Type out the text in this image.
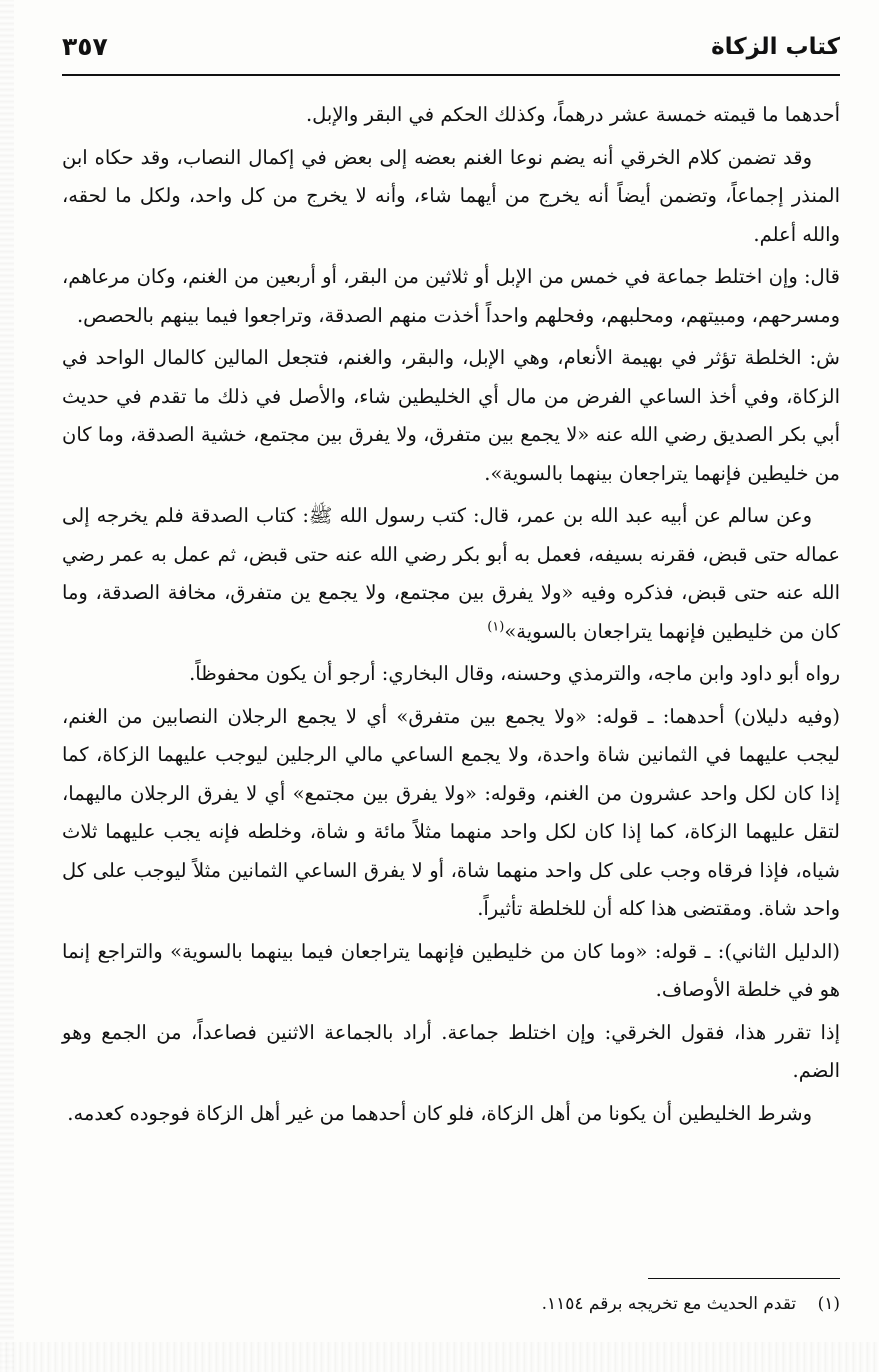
كتاب الزكاة
٣٥٧

أحدهما ما قيمته خمسة عشر درهماً، وكذلك الحكم في البقر والإبل.

وقد تضمن كلام الخرقي أنه يضم نوعا الغنم بعضه إلى بعض في إكمال النصاب، وقد حكاه ابن المنذر إجماعاً، وتضمن أيضاً أنه يخرج من أيهما شاء، وأنه لا يخرج من كل واحد، ولكل ما لحقه، والله أعلم.

قال: وإن اختلط جماعة في خمس من الإبل أو ثلاثين من البقر، أو أربعين من الغنم، وكان مرعاهم، ومسرحهم، ومبيتهم، ومحلبهم، وفحلهم واحداً أخذت منهم الصدقة، وتراجعوا فيما بينهم بالحصص.

ش: الخلطة تؤثر في بهيمة الأنعام، وهي الإبل، والبقر، والغنم، فتجعل المالين كالمال الواحد في الزكاة، وفي أخذ الساعي الفرض من مال أي الخليطين شاء، والأصل في ذلك ما تقدم في حديث أبي بكر الصديق رضي الله عنه «لا يجمع بين متفرق، ولا يفرق بين مجتمع، خشية الصدقة، وما كان من خليطين فإنهما يتراجعان بينهما بالسوية».

وعن سالم عن أبيه عبد الله بن عمر، قال: كتب رسول الله ﷺ: كتاب الصدقة فلم يخرجه إلى عماله حتى قبض، فقرنه بسيفه، فعمل به أبو بكر رضي الله عنه حتى قبض، ثم عمل به عمر رضي الله عنه حتى قبض، فذكره وفيه «ولا يفرق بين مجتمع، ولا يجمع ين متفرق، مخافة الصدقة، وما كان من خليطين فإنهما يتراجعان بالسوية»$^{(١)}$

رواه أبو داود وابن ماجه، والترمذي وحسنه، وقال البخاري: أرجو أن يكون محفوظاً.

(وفيه دليلان) أحدهما: ـ قوله: «ولا يجمع بين متفرق» أي لا يجمع الرجلان النصابين من الغنم، ليجب عليهما في الثمانين شاة واحدة، ولا يجمع الساعي مالي الرجلين ليوجب عليهما الزكاة، كما إذا كان لكل واحد عشرون من الغنم، وقوله: «ولا يفرق بين مجتمع» أي لا يفرق الرجلان ماليهما، لتقل عليهما الزكاة، كما إذا كان لكل واحد منهما مثلاً مائة و شاة، وخلطه فإنه يجب عليهما ثلاث شياه، فإذا فرقاه وجب على كل واحد منهما شاة، أو لا يفرق الساعي الثمانين مثلاً ليوجب على كل واحد شاة. ومقتضى هذا كله أن للخلطة تأثيراً.

(الدليل الثاني): ـ قوله: «وما كان من خليطين فإنهما يتراجعان فيما بينهما بالسوية» والتراجع إنما هو في خلطة الأوصاف.

إذا تقرر هذا، فقول الخرقي: وإن اختلط جماعة. أراد بالجماعة الاثنين فصاعداً، من الجمع وهو الضم.

وشرط الخليطين أن يكونا من أهل الزكاة، فلو كان أحدهما من غير أهل الزكاة فوجوده كعدمه.

(١) تقدم الحديث مع تخريجه برقم ١١٥٤.
